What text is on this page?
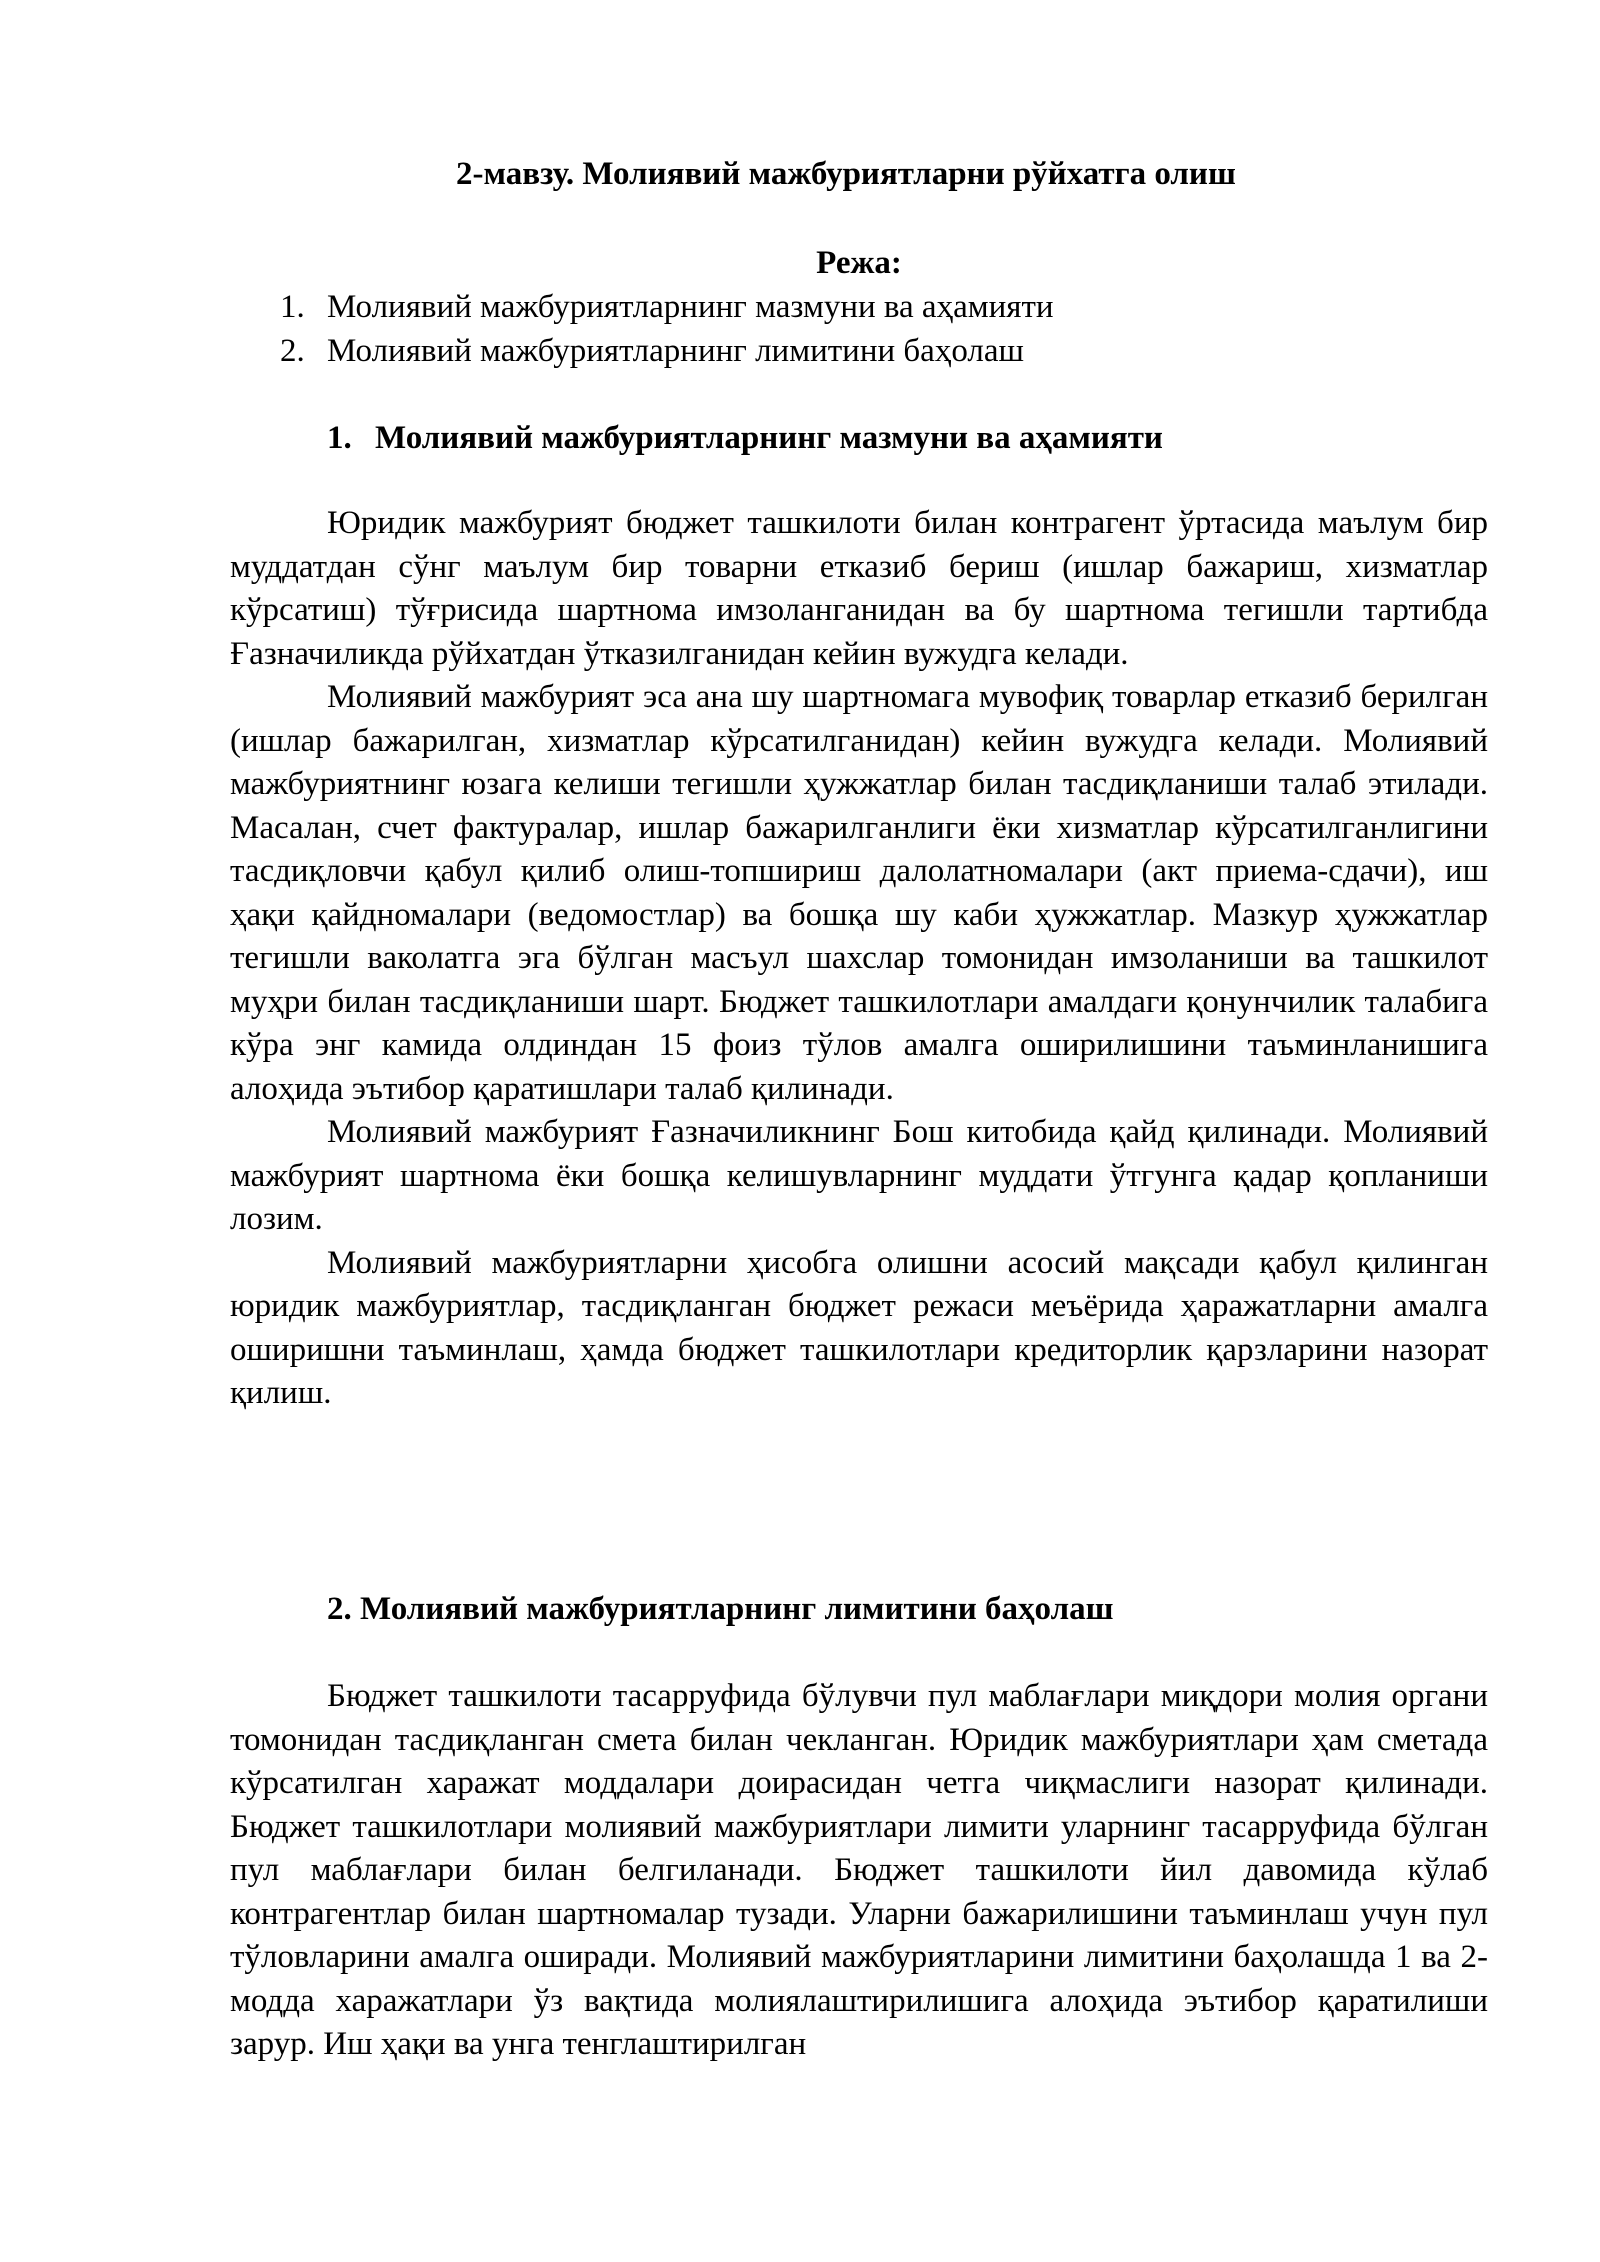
2-мавзу. Молиявий мажбуриятларни рўйхатга олиш
Режа:
1. Молиявий мажбуриятларнинг мазмуни ва аҳамияти
2. Молиявий мажбуриятларнинг лимитини баҳолаш
1. Молиявий мажбуриятларнинг мазмуни ва аҳамияти

Юридик мажбурият бюджет ташкилоти билан контрагент ўртасида маълум бир муддатдан сўнг маълум бир товарни етказиб бериш (ишлар бажариш, хизматлар кўрсатиш) тўғрисида шартнома имзоланганидан ва бу шартнома тегишли тартибда Ғазначиликда рўйхатдан ўтказилганидан кейин вужудга келади.

Молиявий мажбурият эса ана шу шартномага мувофиқ товарлар етказиб берилган (ишлар бажарилган, хизматлар кўрсатилганидан) кейин вужудга келади. Молиявий мажбуриятнинг юзага келиши тегишли ҳужжатлар билан тасдиқланиши талаб этилади. Масалан, счет фактуралар, ишлар бажарилганлиги ёки хизматлар кўрсатилганлигини тасдиқловчи қабул қилиб олиш-топшириш далолатномалари (акт приема-сдачи), иш ҳақи қайдномалари (ведомостлар) ва бошқа шу каби ҳужжатлар. Мазкур ҳужжатлар тегишли ваколатга эга бўлган масъул шахслар томонидан имзоланиши ва ташкилот муҳри билан тасдиқланиши шарт. Бюджет ташкилотлари амалдаги қонунчилик талабига кўра энг камида олдиндан 15 фоиз тўлов амалга оширилишини таъминланишига алоҳида эътибор қаратишлари талаб қилинади.

Молиявий мажбурият Ғазначиликнинг Бош китобида қайд қилинади. Молиявий мажбурият шартнома ёки бошқа келишувларнинг муддати ўтгунга қадар қопланиши лозим.

Молиявий мажбуриятларни ҳисобга олишни асосий мақсади қабул қилинган юридик мажбуриятлар, тасдиқланган бюджет режаси меъёрида ҳаражатларни амалга оширишни таъминлаш, ҳамда бюджет ташкилотлари кредиторлик қарзларини назорат қилиш.

2. Молиявий мажбуриятларнинг лимитини баҳолаш

Бюджет ташкилоти тасарруфида бўлувчи пул маблағлари миқдори молия органи томонидан тасдиқланган смета билан чекланган. Юридик мажбуриятлари ҳам сметада кўрсатилган харажат моддалари доирасидан четга чиқмаслиги назорат қилинади. Бюджет ташкилотлари молиявий мажбуриятлари лимити уларнинг тасарруфида бўлган пул маблағлари билан белгиланади. Бюджет ташкилоти йил давомида кўлаб контрагентлар билан шартномалар тузади. Уларни бажарилишини таъминлаш учун пул тўловларини амалга оширади. Молиявий мажбуриятларини лимитини баҳолашда 1 ва 2-модда харажатлари ўз вақтида молиялаштирилишига алоҳида эътибор қаратилиши зарур. Иш ҳақи ва унга тенглаштирилган
